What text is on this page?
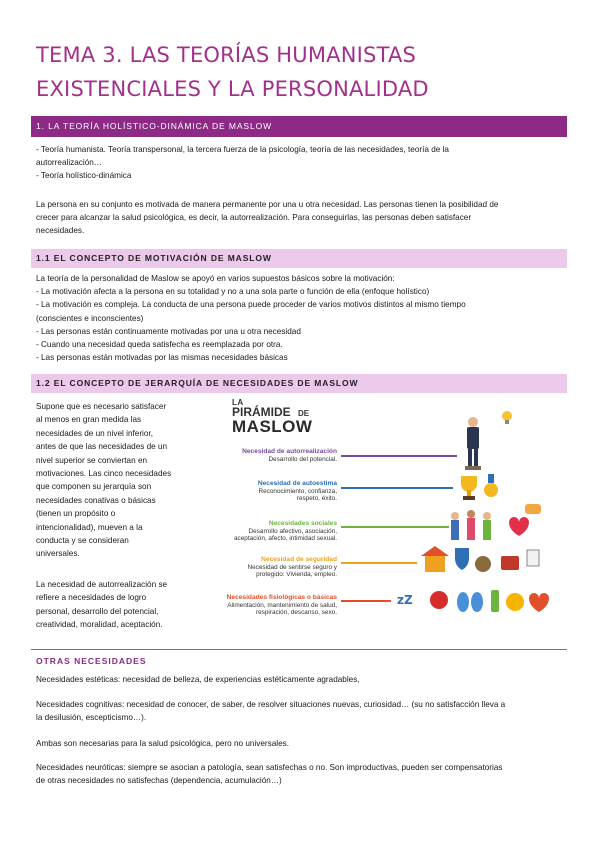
TEMA 3. LAS TEORÍAS HUMANISTAS
EXISTENCIALES Y LA PERSONALIDAD
1. LA TEORÍA HOLÍSTICO-DINÁMICA DE MASLOW

- Teoría humanista. Teoría transpersonal, la tercera fuerza de la psicología, teoría de las necesidades, teoría de la

autorrealización…

- Teoría holístico-dinámica

La persona en su conjunto es motivada de manera permanente por una u otra necesidad. Las personas tienen la posibilidad de

crecer para alcanzar la salud psicológica, es decir, la autorrealización. Para conseguirlas, las personas deben satisfacer

necesidades.

1.1 EL CONCEPTO DE MOTIVACIÓN DE MASLOW

La teoría de la personalidad de Maslow se apoyó en varios supuestos básicos sobre la motivación:

- La motivación afecta a la persona en su totalidad y no a una sola parte o función de ella (enfoque holístico)

- La motivación es compleja. La conducta de una persona puede proceder de varios motivos distintos al mismo tiempo

(conscientes e inconscientes)

- Las personas están continuamente motivadas por una u otra necesidad

- Cuando una necesidad queda satisfecha es reemplazada por otra.

- Las personas están motivadas por las mismas necesidades básicas

1.2 EL CONCEPTO DE JERARQUÍA DE NECESIDADES DE MASLOW

Supone que es necesario satisfacer

al menos en gran medida las

necesidades de un nivel inferior,

antes de que las necesidades de un

nivel superior se conviertan en

motivaciones. Las cinco necesidades

que componen su jerarquía son

necesidades conativas o básicas

(tienen un propósito o

intencionalidad), mueven a la

conducta y se consideran

universales.

La necesidad de autorrealización se

refiere a necesidades de logro

personal, desarrollo del potencial,

creatividad, moralidad, aceptación.

zZ
LA
PIRÁMIDE DE
MASLOW
Necesidad de autorrealización
Desarrollo del potencial.
Necesidad de autoestima
Reconocimiento, confianza,
respeto, éxito.
Necesidades sociales
Desarrollo afectivo, asociación,
aceptación, afecto, intimidad sexual.
Necesidad de seguridad
Necesidad de sentirse seguro y
protegido: Vivienda, empleo.
Necesidades fisiológicas o básicas
Alimentación, mantenimiento de salud,
respiración, descanso, sexo.
OTRAS NECESIDADES

Necesidades estéticas: necesidad de belleza, de experiencias estéticamente agradables,

Necesidades cognitivas: necesidad de conocer, de saber, de resolver situaciones nuevas, curiosidad… (su no satisfacción lleva a

la desilusión, escepticismo…).

Ambas son necesarias para la salud psicológica, pero no universales.

Necesidades neuróticas: siempre se asocian a patología, sean satisfechas o no. Son improductivas, pueden ser compensatorias

de otras necesidades no satisfechas (dependencia, acumulación…)
